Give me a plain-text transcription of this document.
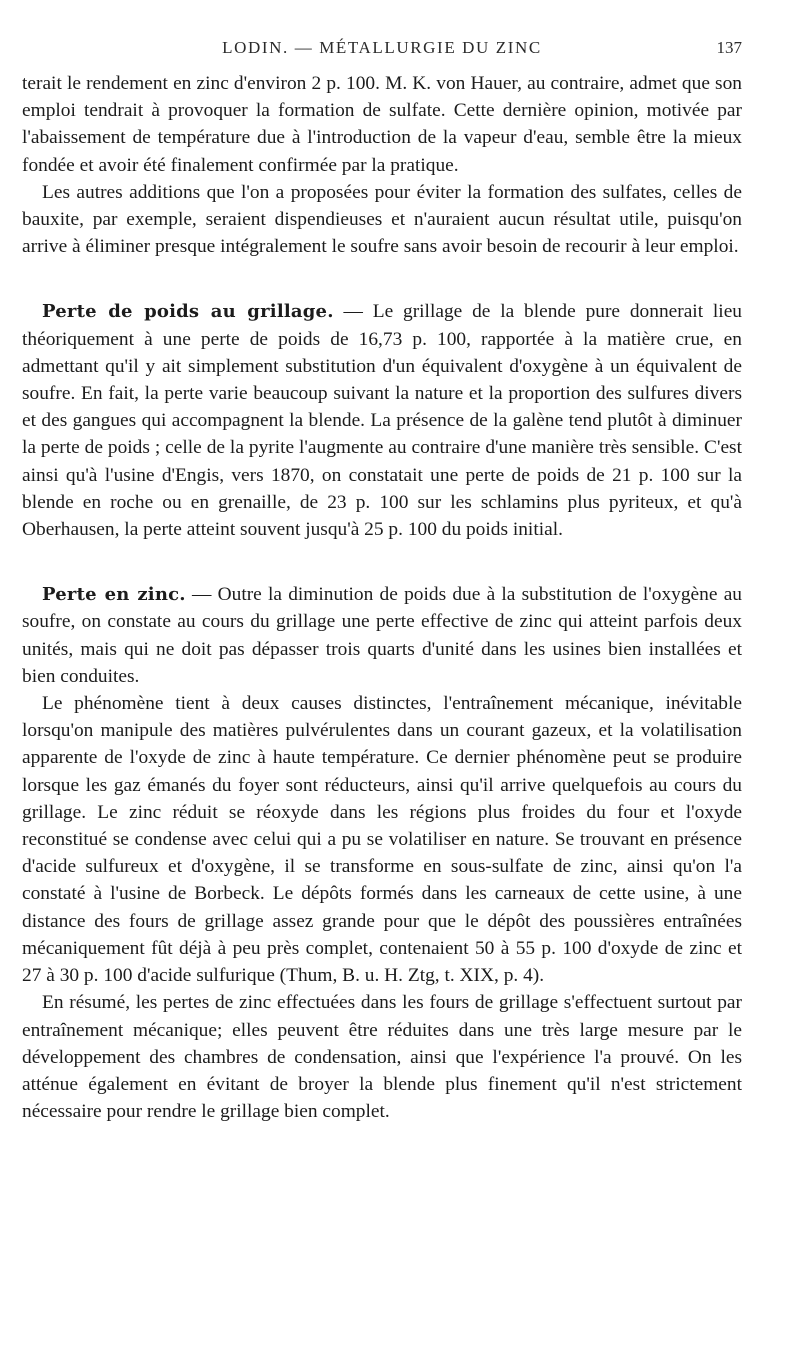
LODIN. — MÉTALLURGIE DU ZINC	137

terait le rendement en zinc d'environ 2 p. 100. M. K. von Hauer, au contraire, admet que son emploi tendrait à provoquer la formation de sulfate. Cette dernière opinion, motivée par l'abaissement de température due à l'introduction de la vapeur d'eau, semble être la mieux fondée et avoir été finalement confirmée par la pratique.

Les autres additions que l'on a proposées pour éviter la formation des sulfates, celles de bauxite, par exemple, seraient dispendieuses et n'auraient aucun résultat utile, puisqu'on arrive à éliminer presque intégralement le soufre sans avoir besoin de recourir à leur emploi.

Perte de poids au grillage. — Le grillage de la blende pure donnerait lieu théoriquement à une perte de poids de 16,73 p. 100, rapportée à la matière crue, en admettant qu'il y ait simplement substitution d'un équivalent d'oxygène à un équivalent de soufre. En fait, la perte varie beaucoup suivant la nature et la proportion des sulfures divers et des gangues qui accompagnent la blende. La présence de la galène tend plutôt à diminuer la perte de poids ; celle de la pyrite l'augmente au contraire d'une manière très sensible. C'est ainsi qu'à l'usine d'Engis, vers 1870, on constatait une perte de poids de 21 p. 100 sur la blende en roche ou en grenaille, de 23 p. 100 sur les schlamins plus pyriteux, et qu'à Oberhausen, la perte atteint souvent jusqu'à 25 p. 100 du poids initial.

Perte en zinc. — Outre la diminution de poids due à la substitution de l'oxygène au soufre, on constate au cours du grillage une perte effective de zinc qui atteint parfois deux unités, mais qui ne doit pas dépasser trois quarts d'unité dans les usines bien installées et bien conduites.

Le phénomène tient à deux causes distinctes, l'entraînement mécanique, inévitable lorsqu'on manipule des matières pulvérulentes dans un courant gazeux, et la volatilisation apparente de l'oxyde de zinc à haute température. Ce dernier phénomène peut se produire lorsque les gaz émanés du foyer sont réducteurs, ainsi qu'il arrive quelquefois au cours du grillage. Le zinc réduit se réoxyde dans les régions plus froides du four et l'oxyde reconstitué se condense avec celui qui a pu se volatiliser en nature. Se trouvant en présence d'acide sulfureux et d'oxygène, il se transforme en sous-sulfate de zinc, ainsi qu'on l'a constaté à l'usine de Borbeck. Le dépôts formés dans les carneaux de cette usine, à une distance des fours de grillage assez grande pour que le dépôt des poussières entraînées mécaniquement fût déjà à peu près complet, contenaient 50 à 55 p. 100 d'oxyde de zinc et 27 à 30 p. 100 d'acide sulfurique (Thum, B. u. H. Ztg, t. XIX, p. 4).

En résumé, les pertes de zinc effectuées dans les fours de grillage s'effectuent surtout par entraînement mécanique; elles peuvent être réduites dans une très large mesure par le développement des chambres de condensation, ainsi que l'expérience l'a prouvé. On les atténue également en évitant de broyer la blende plus finement qu'il n'est strictement nécessaire pour rendre le grillage bien complet.
